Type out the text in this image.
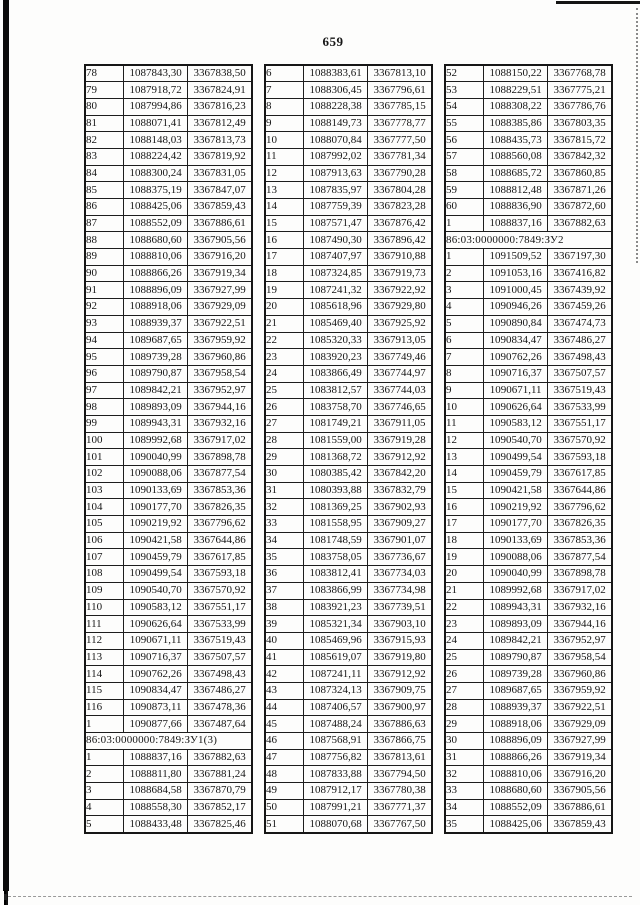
659
78	1087843,30	3367838,50
79	1087918,72	3367824,91
80	1087994,86	3367816,23
81	1088071,41	3367812,49
82	1088148,03	3367813,73
83	1088224,42	3367819,92
84	1088300,24	3367831,05
85	1088375,19	3367847,07
86	1088425,06	3367859,43
87	1088552,09	3367886,61
88	1088680,60	3367905,56
89	1088810,06	3367916,20
90	1088866,26	3367919,34
91	1088896,09	3367927,99
92	1088918,06	3367929,09
93	1088939,37	3367922,51
94	1089687,65	3367959,92
95	1089739,28	3367960,86
96	1089790,87	3367958,54
97	1089842,21	3367952,97
98	1089893,09	3367944,16
99	1089943,31	3367932,16
100	1089992,68	3367917,02
101	1090040,99	3367898,78
102	1090088,06	3367877,54
103	1090133,69	3367853,36
104	1090177,70	3367826,35
105	1090219,92	3367796,62
106	1090421,58	3367644,86
107	1090459,79	3367617,85
108	1090499,54	3367593,18
109	1090540,70	3367570,92
110	1090583,12	3367551,17
111	1090626,64	3367533,99
112	1090671,11	3367519,43
113	1090716,37	3367507,57
114	1090762,26	3367498,43
115	1090834,47	3367486,27
116	1090873,11	3367478,36
1	1090877,66	3367487,64
86:03:0000000:7849:ЗУ1(3)		
1	1088837,16	3367882,63
2	1088811,80	3367881,24
3	1088684,58	3367870,79
4	1088558,30	3367852,17
5	1088433,48	3367825,46
6	1088383,61	3367813,10
7	1088306,45	3367796,61
8	1088228,38	3367785,15
9	1088149,73	3367778,77
10	1088070,84	3367777,50
11	1087992,02	3367781,34
12	1087913,63	3367790,28
13	1087835,97	3367804,28
14	1087759,39	3367823,28
15	1087571,47	3367876,42
16	1087490,30	3367896,42
17	1087407,97	3367910,88
18	1087324,85	3367919,73
19	1087241,32	3367922,92
20	1085618,96	3367929,80
21	1085469,40	3367925,92
22	1085320,33	3367913,05
23	1083920,23	3367749,46
24	1083866,49	3367744,97
25	1083812,57	3367744,03
26	1083758,70	3367746,65
27	1081749,21	3367911,05
28	1081559,00	3367919,28
29	1081368,72	3367912,92
30	1080385,42	3367842,20
31	1080393,88	3367832,79
32	1081369,25	3367902,93
33	1081558,95	3367909,27
34	1081748,59	3367901,07
35	1083758,05	3367736,67
36	1083812,41	3367734,03
37	1083866,99	3367734,98
38	1083921,23	3367739,51
39	1085321,34	3367903,10
40	1085469,96	3367915,93
41	1085619,07	3367919,80
42	1087241,11	3367912,92
43	1087324,13	3367909,75
44	1087406,57	3367900,97
45	1087488,24	3367886,63
46	1087568,91	3367866,75
47	1087756,82	3367813,61
48	1087833,88	3367794,50
49	1087912,17	3367780,38
50	1087991,21	3367771,37
51	1088070,68	3367767,50
52	1088150,22	3367768,78
53	1088229,51	3367775,21
54	1088308,22	3367786,76
55	1088385,86	3367803,35
56	1088435,73	3367815,72
57	1088560,08	3367842,32
58	1088685,72	3367860,85
59	1088812,48	3367871,26
60	1088836,90	3367872,60
1	1088837,16	3367882,63
86:03:0000000:7849:ЗУ2		
1	1091509,52	3367197,30
2	1091053,16	3367416,82
3	1091000,45	3367439,92
4	1090946,26	3367459,26
5	1090890,84	3367474,73
6	1090834,47	3367486,27
7	1090762,26	3367498,43
8	1090716,37	3367507,57
9	1090671,11	3367519,43
10	1090626,64	3367533,99
11	1090583,12	3367551,17
12	1090540,70	3367570,92
13	1090499,54	3367593,18
14	1090459,79	3367617,85
15	1090421,58	3367644,86
16	1090219,92	3367796,62
17	1090177,70	3367826,35
18	1090133,69	3367853,36
19	1090088,06	3367877,54
20	1090040,99	3367898,78
21	1089992,68	3367917,02
22	1089943,31	3367932,16
23	1089893,09	3367944,16
24	1089842,21	3367952,97
25	1089790,87	3367958,54
26	1089739,28	3367960,86
27	1089687,65	3367959,92
28	1088939,37	3367922,51
29	1088918,06	3367929,09
30	1088896,09	3367927,99
31	1088866,26	3367919,34
32	1088810,06	3367916,20
33	1088680,60	3367905,56
34	1088552,09	3367886,61
35	1088425,06	3367859,43
